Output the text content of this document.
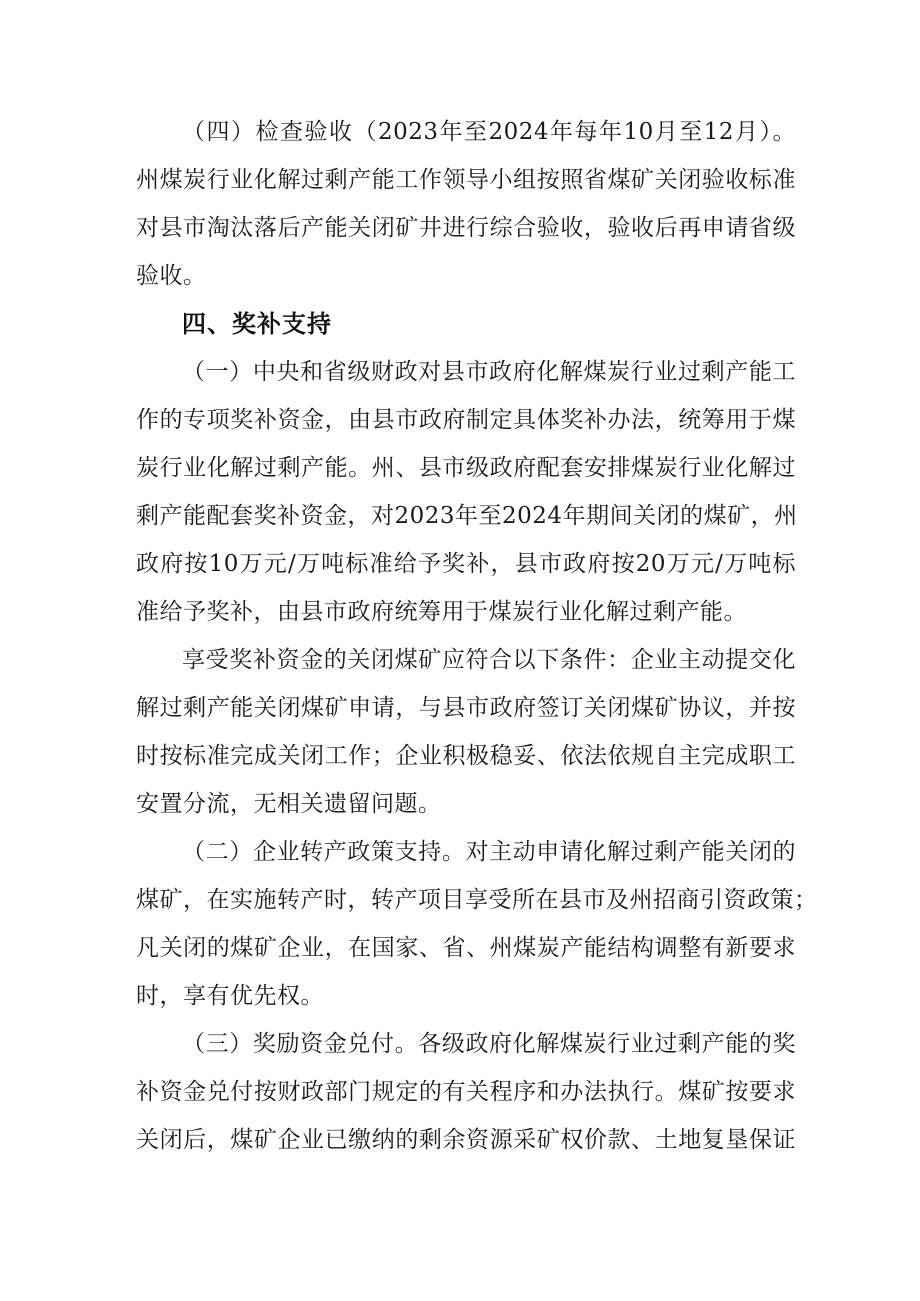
（四）检查验收（2023年至2024年每年10月至12月）。
州煤炭行业化解过剩产能工作领导小组按照省煤矿关闭验收标准
对县市淘汰落后产能关闭矿井进行综合验收，验收后再申请省级
验收。
四、奖补支持
（一）中央和省级财政对县市政府化解煤炭行业过剩产能工
作的专项奖补资金，由县市政府制定具体奖补办法，统筹用于煤
炭行业化解过剩产能。州、县市级政府配套安排煤炭行业化解过
剩产能配套奖补资金，对2023年至2024年期间关闭的煤矿，州
政府按10万元/万吨标准给予奖补，县市政府按20万元/万吨标
准给予奖补，由县市政府统筹用于煤炭行业化解过剩产能。
享受奖补资金的关闭煤矿应符合以下条件：企业主动提交化
解过剩产能关闭煤矿申请，与县市政府签订关闭煤矿协议，并按
时按标准完成关闭工作；企业积极稳妥、依法依规自主完成职工
安置分流，无相关遗留问题。
（二）企业转产政策支持。对主动申请化解过剩产能关闭的
煤矿，在实施转产时，转产项目享受所在县市及州招商引资政策；
凡关闭的煤矿企业，在国家、省、州煤炭产能结构调整有新要求
时，享有优先权。
（三）奖励资金兑付。各级政府化解煤炭行业过剩产能的奖
补资金兑付按财政部门规定的有关程序和办法执行。煤矿按要求
关闭后，煤矿企业已缴纳的剩余资源采矿权价款、土地复垦保证
